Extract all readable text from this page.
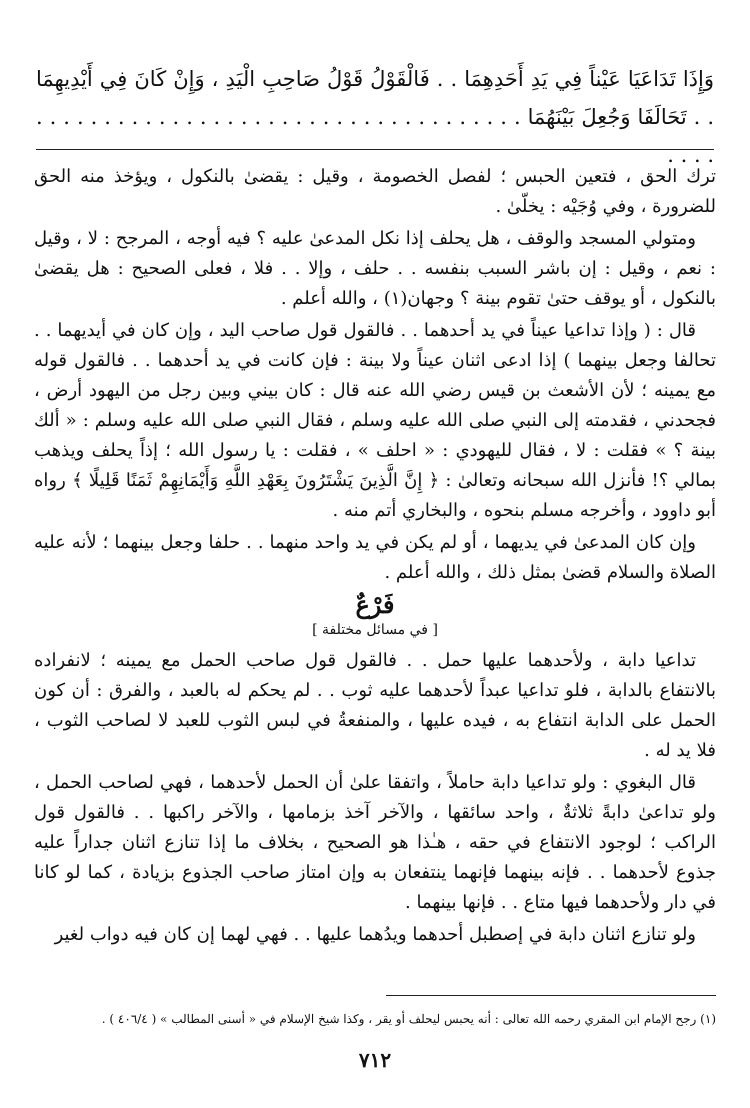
وَإِذَا تَدَاعَيَا عَيْناً فِي يَدِ أَحَدِهِمَا . . فَالْقَوْلُ قَوْلُ صَاحِبِ الْيَدِ ، وَإِنْ كَانَ فِي أَيْدِيهِمَا . . تَحَالَفَا وَجُعِلَ بَيْنَهُمَا . . . . . . . . . . . . . . . . . . . . . . . . . . . . . . . . . . . . . . . .

ترك الحق ، فتعين الحبس ؛ لفصل الخصومة ، وقيل : يقضىٰ بالنكول ، ويؤخذ منه الحق للضرورة ، وفي وُجَيْه : يخلّىٰ .

ومتولي المسجد والوقف ، هل يحلف إذا نكل المدعىٰ عليه ؟ فيه أوجه ، المرجح : لا ، وقيل : نعم ، وقيل : إن باشر السبب بنفسه . . حلف ، وإلا . . فلا ، فعلى الصحيح : هل يقضىٰ بالنكول ، أو يوقف حتىٰ تقوم بينة ؟ وجهان(١) ، والله أعلم .

قال : ( وإذا تداعيا عيناً في يد أحدهما . . فالقول قول صاحب اليد ، وإن كان في أيديهما . . تحالفا وجعل بينهما ) إذا ادعى اثنان عيناً ولا بينة : فإن كانت في يد أحدهما . . فالقول قوله مع يمينه ؛ لأن الأشعث بن قيس رضي الله عنه قال : كان بيني وبين رجل من اليهود أرض ، فجحدني ، فقدمته إلى النبي صلى الله عليه وسلم ، فقال النبي صلى الله عليه وسلم : « ألك بينة ؟ » فقلت : لا ، فقال لليهودي : « احلف » ، فقلت : يا رسول الله ؛ إذاً يحلف ويذهب بمالي ؟! فأنزل الله سبحانه وتعالىٰ : ﴿ إِنَّ الَّذِينَ يَشْتَرُونَ بِعَهْدِ اللَّهِ وَأَيْمَانِهِمْ ثَمَنًا قَلِيلًا ﴾ رواه أبو داوود ، وأخرجه مسلم بنحوه ، والبخاري أتم منه .

وإن كان المدعىٰ في يديهما ، أو لم يكن في يد واحد منهما . . حلفا وجعل بينهما ؛ لأنه عليه الصلاة والسلام قضىٰ بمثل ذلك ، والله أعلم .

فَرْعٌ
[ في مسائل مختلفة ]

تداعيا دابة ، ولأحدهما عليها حمل . . فالقول قول صاحب الحمل مع يمينه ؛ لانفراده بالانتفاع بالدابة ، فلو تداعيا عبداً لأحدهما عليه ثوب . . لم يحكم له بالعبد ، والفرق : أن كون الحمل على الدابة انتفاع به ، فيده عليها ، والمنفعةُ في لبس الثوب للعبد لا لصاحب الثوب ، فلا يد له .

قال البغوي : ولو تداعيا دابة حاملاً ، واتفقا علىٰ أن الحمل لأحدهما ، فهي لصاحب الحمل ، ولو تداعىٰ دابةً ثلاثةٌ ، واحد سائقها ، والآخر آخذ بزمامها ، والآخر راكبها . . فالقول قول الراكب ؛ لوجود الانتفاع في حقه ، هـٰذا هو الصحيح ، بخلاف ما إذا تنازع اثنان جداراً عليه جذوع لأحدهما . . فإنه بينهما فإنهما ينتفعان به وإن امتاز صاحب الجذوع بزيادة ، كما لو كانا في دار ولأحدهما فيها متاع . . فإنها بينهما .

ولو تنازع اثنان دابة في إصطبل أحدهما ويدُهما عليها . . فهي لهما إن كان فيه دواب لغير

(١) رجح الإمام ابن المقري رحمه الله تعالى : أنه يحبس ليحلف أو يقر ، وكذا شيخ الإسلام في « أسنى المطالب » ( ٤٠٦/٤ ) .
٧١٢
